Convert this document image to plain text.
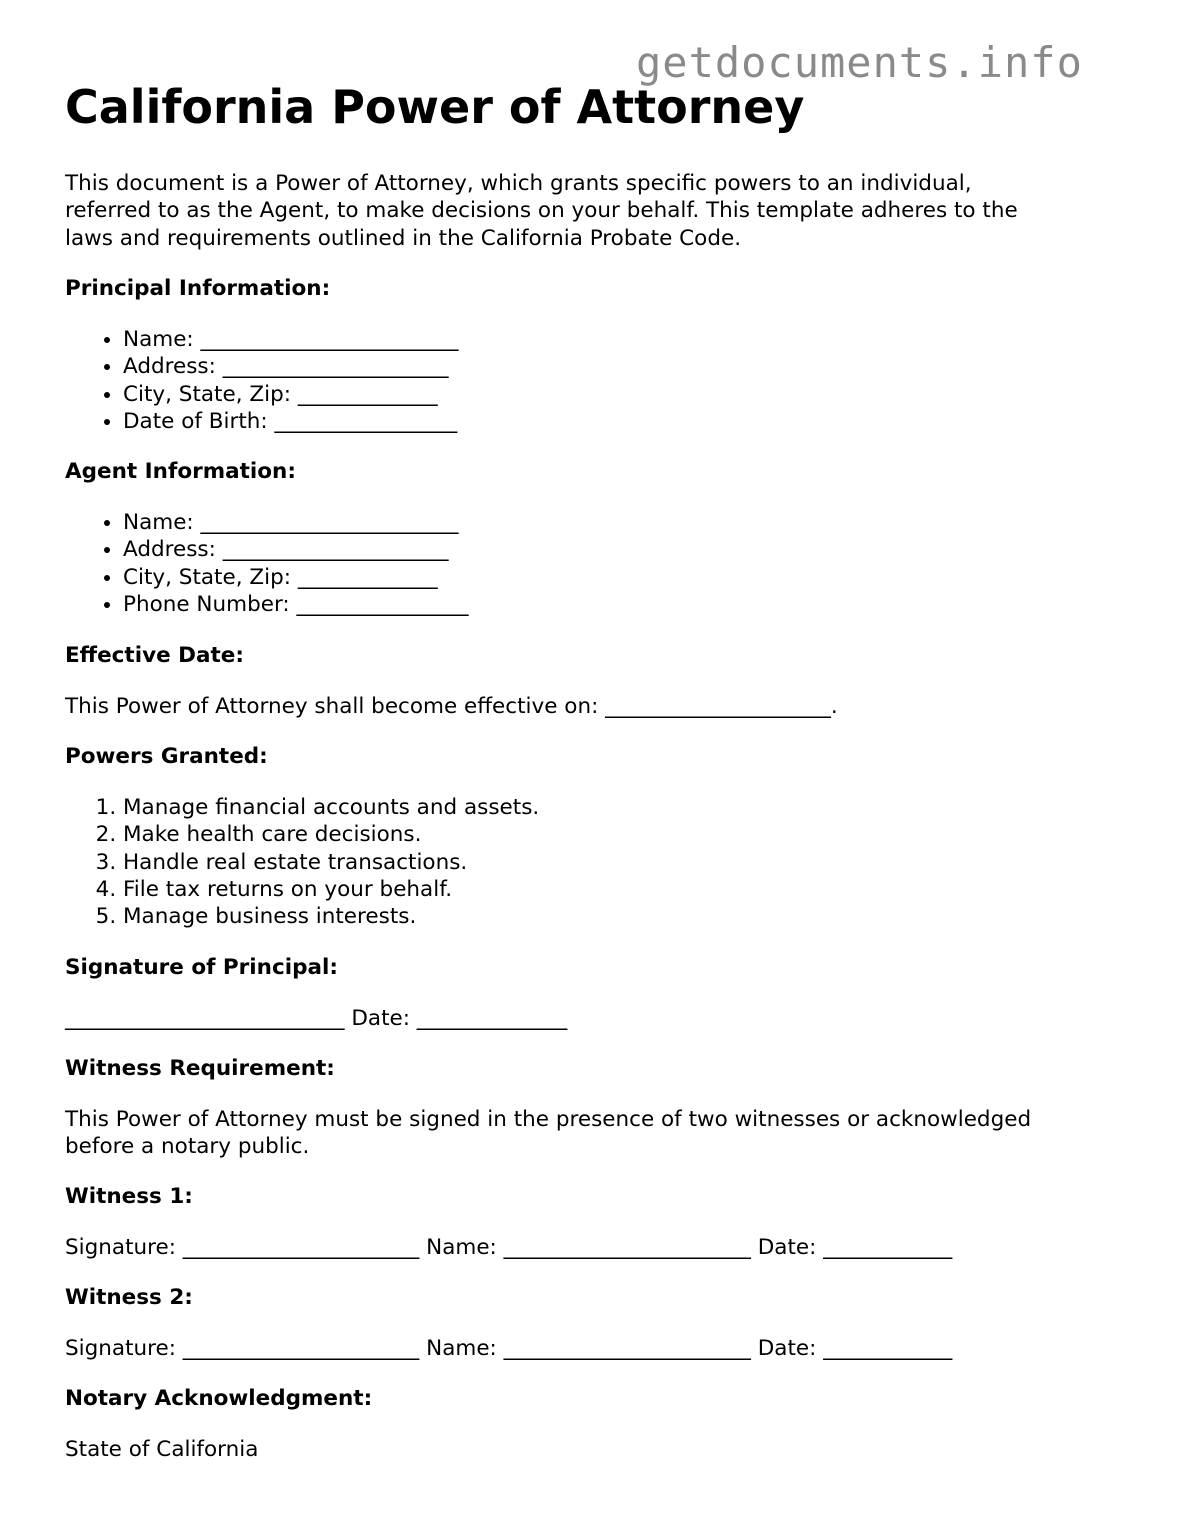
getdocuments.info
California Power of Attorney
This document is a Power of Attorney, which grants specific powers to an individual,
referred to as the Agent, to make decisions on your behalf. This template adheres to the
laws and requirements outlined in the California Probate Code.
Principal Information:
• Name: ________________________
• Address: _____________________
• City, State, Zip: _____________
• Date of Birth: _________________
Agent Information:
• Name: ________________________
• Address: _____________________
• City, State, Zip: _____________
• Phone Number: ________________
Effective Date:
This Power of Attorney shall become effective on: _____________________.
Powers Granted:
1. Manage financial accounts and assets.
2. Make health care decisions.
3. Handle real estate transactions.
4. File tax returns on your behalf.
5. Manage business interests.
Signature of Principal:
__________________________ Date: ______________
Witness Requirement:
This Power of Attorney must be signed in the presence of two witnesses or acknowledged
before a notary public.
Witness 1:
Signature: ______________________ Name: _______________________ Date: ____________
Witness 2:
Signature: ______________________ Name: _______________________ Date: ____________
Notary Acknowledgment:
State of California
